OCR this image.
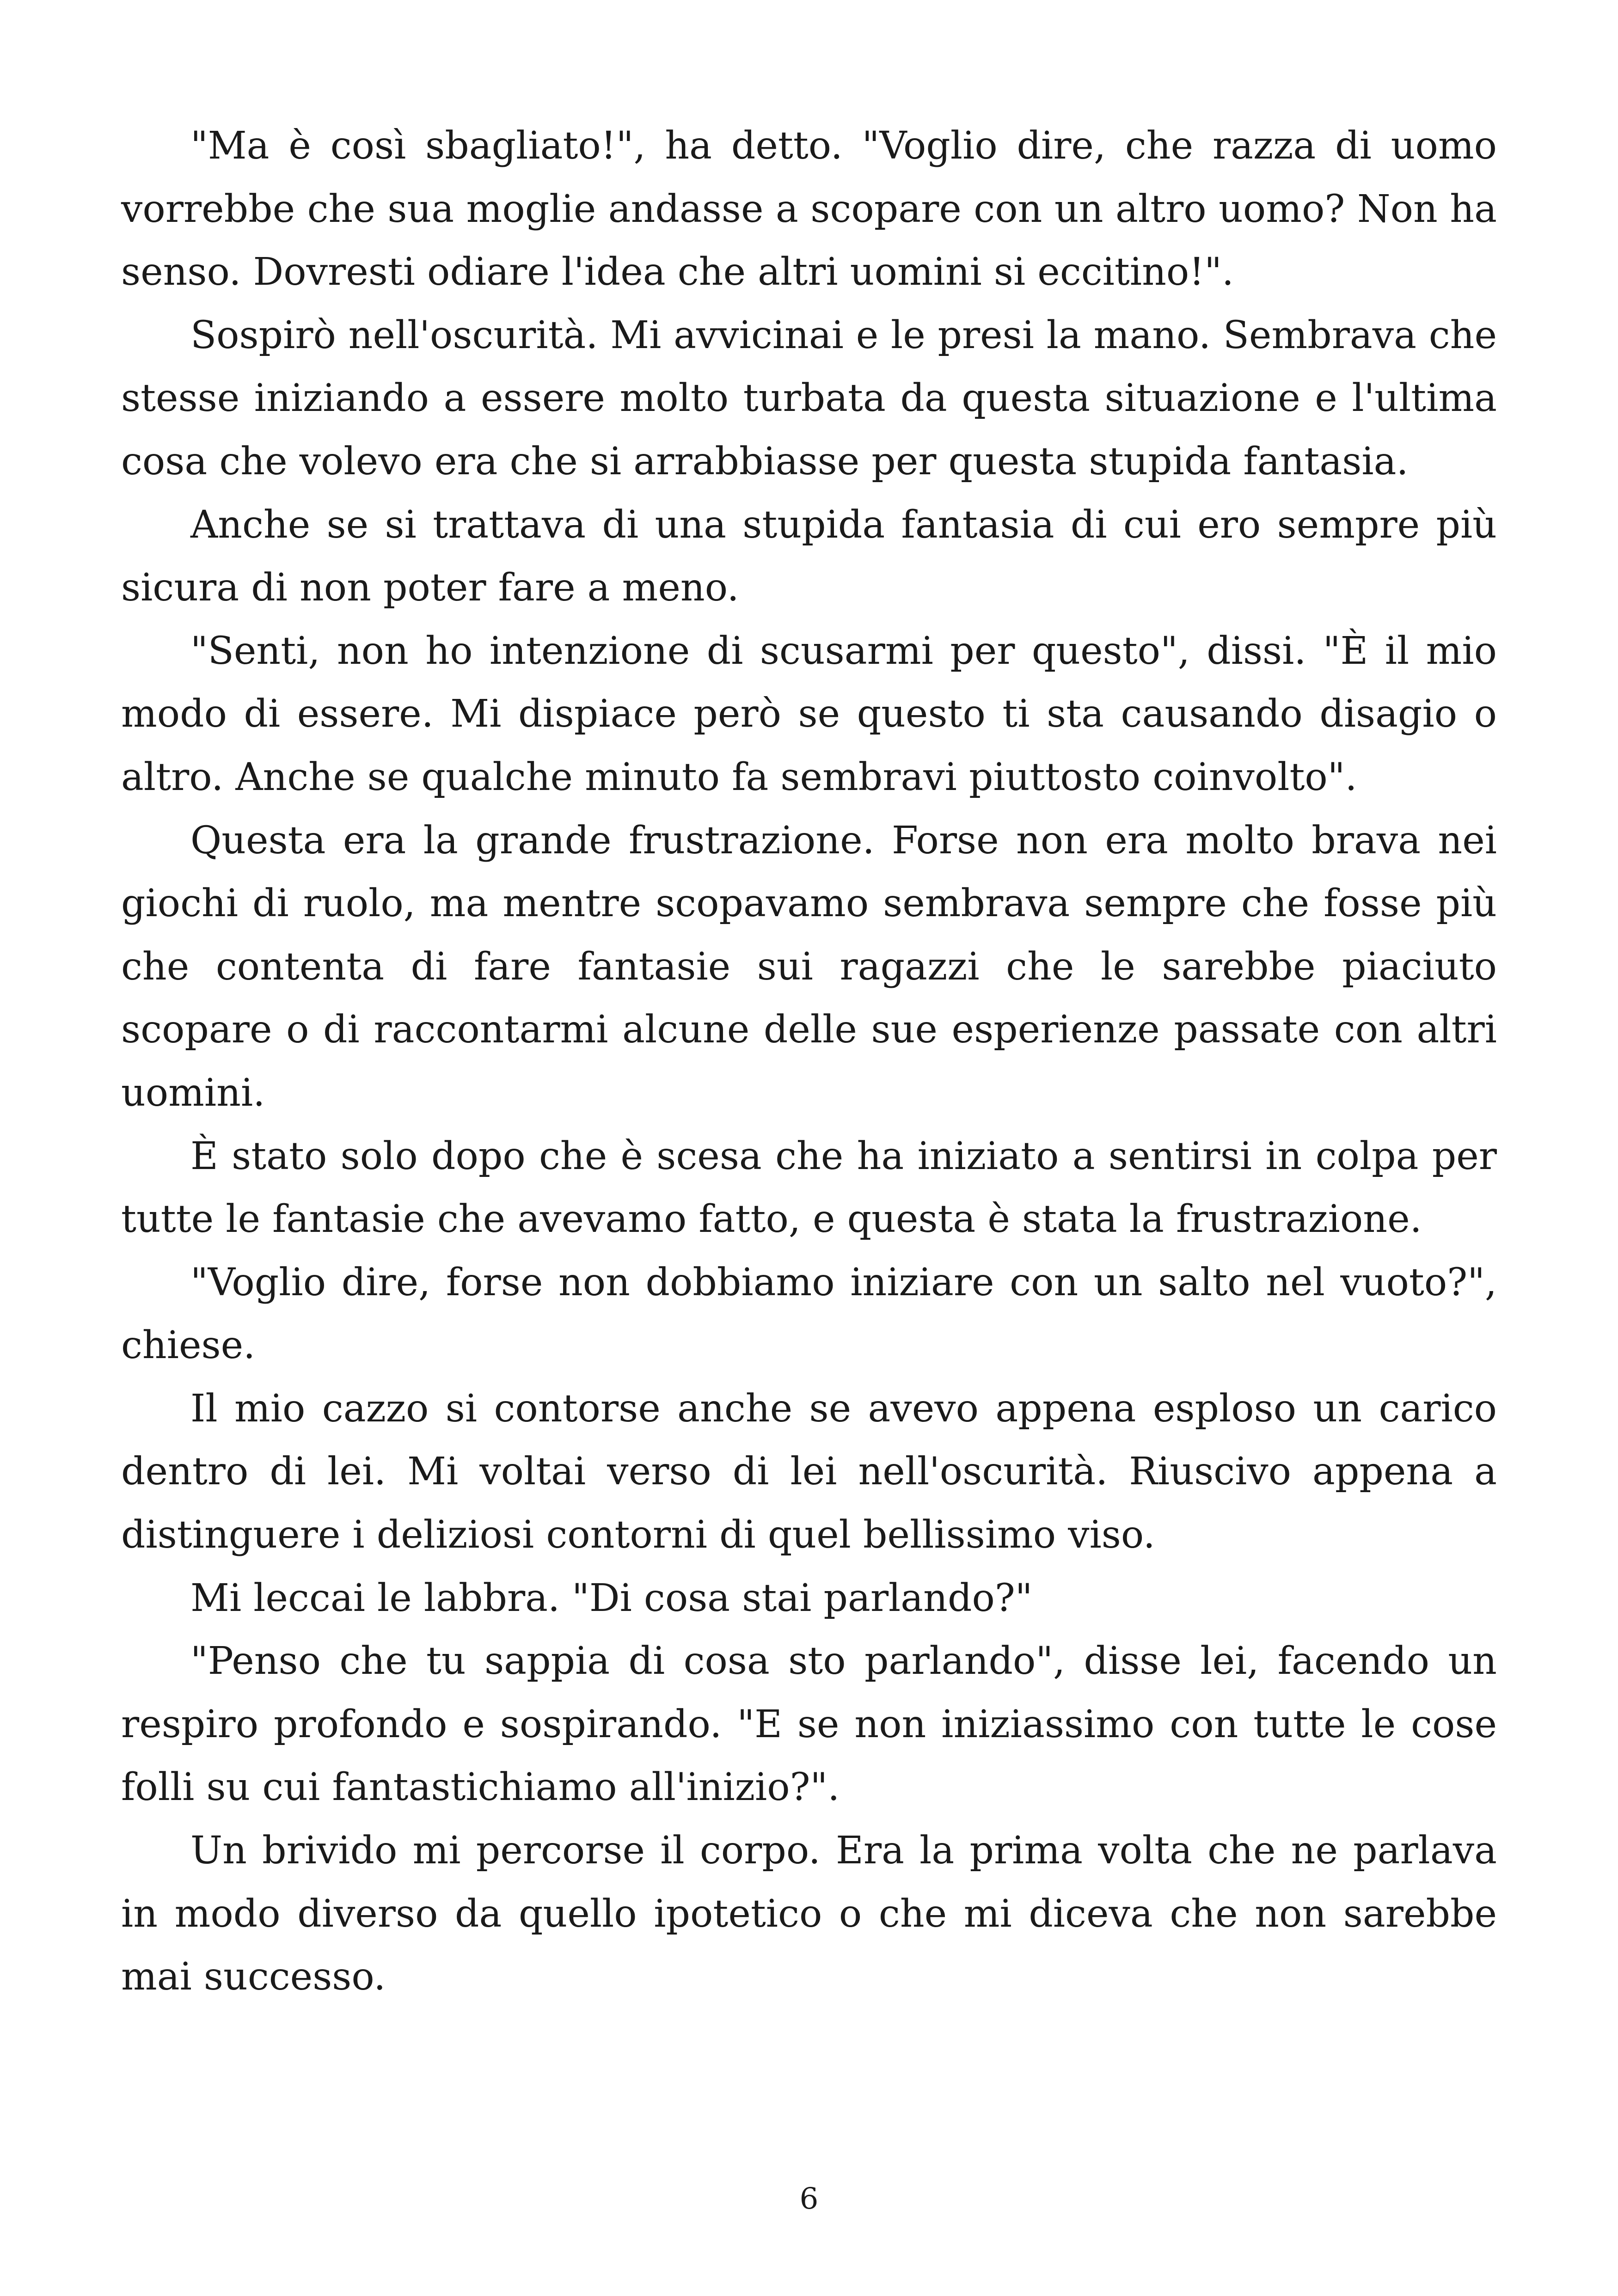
"Ma è così sbagliato!", ha detto. "Voglio dire, che razza di uomo vorrebbe che sua moglie andasse a scopare con un altro uomo? Non ha senso. Dovresti odiare l'idea che altri uomini si eccitino!".

Sospirò nell'oscurità. Mi avvicinai e le presi la mano. Sembrava che stesse iniziando a essere molto turbata da questa situazione e l'ultima cosa che volevo era che si arrabbiasse per questa stupida fantasia.

Anche se si trattava di una stupida fantasia di cui ero sempre più sicura di non poter fare a meno.

"Senti, non ho intenzione di scusarmi per questo", dissi. "È il mio modo di essere. Mi dispiace però se questo ti sta causando disagio o altro. Anche se qualche minuto fa sembravi piuttosto coinvolto".

Questa era la grande frustrazione. Forse non era molto brava nei giochi di ruolo, ma mentre scopavamo sembrava sempre che fosse più che contenta di fare fantasie sui ragazzi che le sarebbe piaciuto scopare o di raccontarmi alcune delle sue esperienze passate con altri uomini.

È stato solo dopo che è scesa che ha iniziato a sentirsi in colpa per tutte le fantasie che avevamo fatto, e questa è stata la frustrazione.

"Voglio dire, forse non dobbiamo iniziare con un salto nel vuoto?", chiese.

Il mio cazzo si contorse anche se avevo appena esploso un carico dentro di lei. Mi voltai verso di lei nell'oscurità. Riuscivo appena a distinguere i deliziosi contorni di quel bellissimo viso.

Mi leccai le labbra. "Di cosa stai parlando?"

"Penso che tu sappia di cosa sto parlando", disse lei, facendo un respiro profondo e sospirando. "E se non iniziassimo con tutte le cose folli su cui fantastichiamo all'inizio?".

Un brivido mi percorse il corpo. Era la prima volta che ne parlava in modo diverso da quello ipotetico o che mi diceva che non sarebbe mai successo.

6
